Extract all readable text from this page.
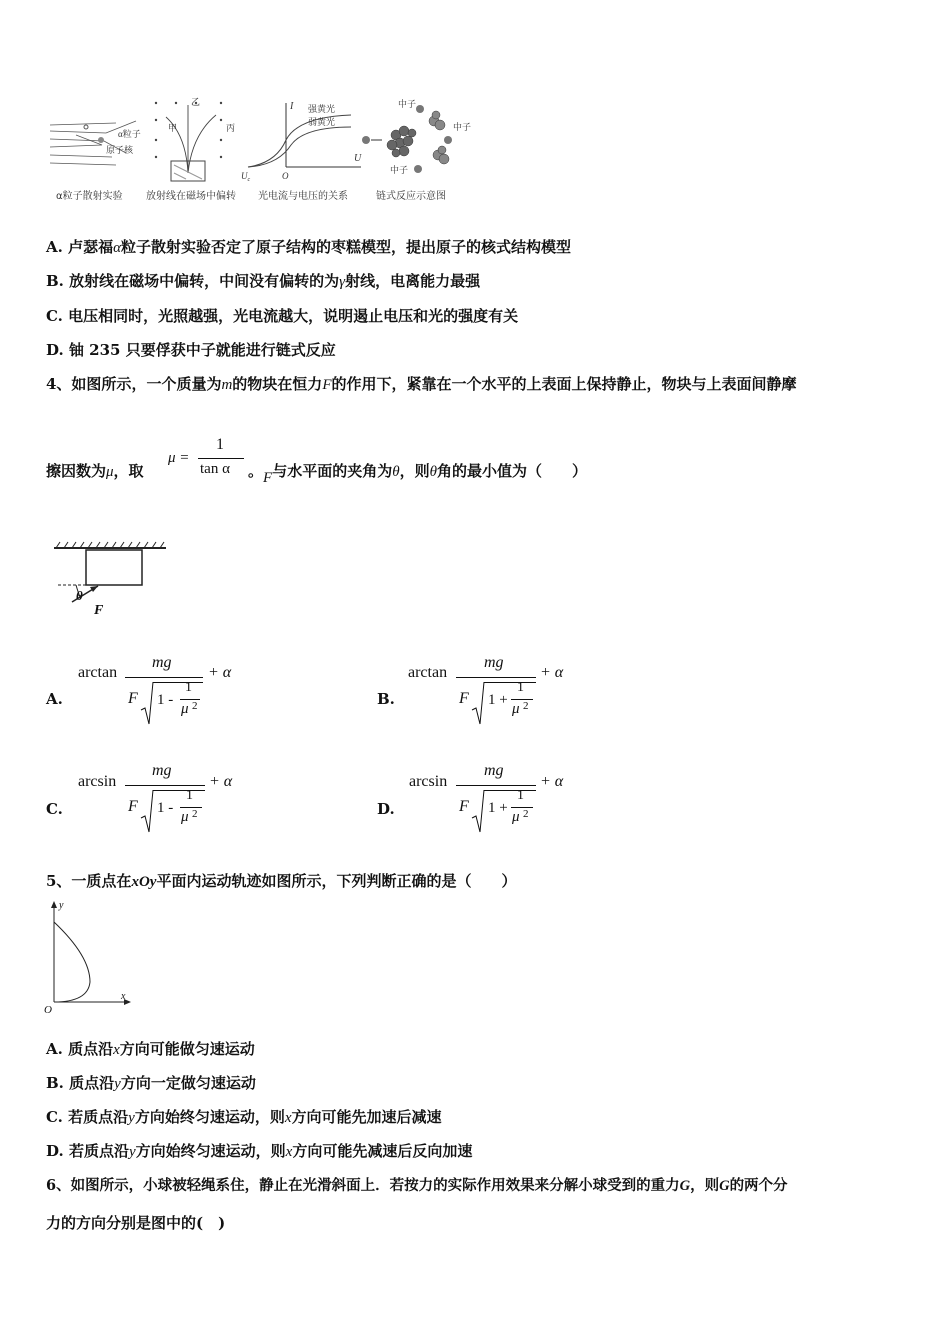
α粒子
原子核
α粒子散射实验
甲
乙
丙
放射线在磁场中偏转
I
U
O
$U_c$
强黄光
弱黄光
光电流与电压的关系
中子
中子
中子
链式反应示意图
A. 卢瑟福α粒子散射实验否定了原子结构的枣糕模型，提出原子的核式结构模型
B. 放射线在磁场中偏转，中间没有偏转的为γ射线，电离能力最强
C. 电压相同时，光照越强，光电流越大，说明遏止电压和光的强度有关
D. 铀 235 只要俘获中子就能进行链式反应
4、如图所示，一个质量为m的物块在恒力F的作用下，紧靠在一个水平的上表面上保持静止，物块与上表面间静摩
擦因数为μ，取
μ =
1
tan α 。F与水平面的夹角为θ，则θ角的最小值为（　　）
θ
F
A.
arctan
mg
F 1 -
1
μ 2
+ α
B.
arctan
mg
F 1 +
1
μ 2
+ α
C.
arcsin
mg
F 1 -
1
μ 2
+ α
D.
arcsin
mg
F 1 +
1
μ 2
+ α
5、一质点在xOy平面内运动轨迹如图所示，下列判断正确的是（　　）
y
x
O
A. 质点沿x方向可能做匀速运动
B. 质点沿y方向一定做匀速运动
C. 若质点沿y方向始终匀速运动，则x方向可能先加速后减速
D. 若质点沿y方向始终匀速运动，则x方向可能先减速后反向加速
6、如图所示，小球被轻绳系住，静止在光滑斜面上．若按力的实际作用效果来分解小球受到的重力G，则G的两个分
力的方向分别是图中的(　)
